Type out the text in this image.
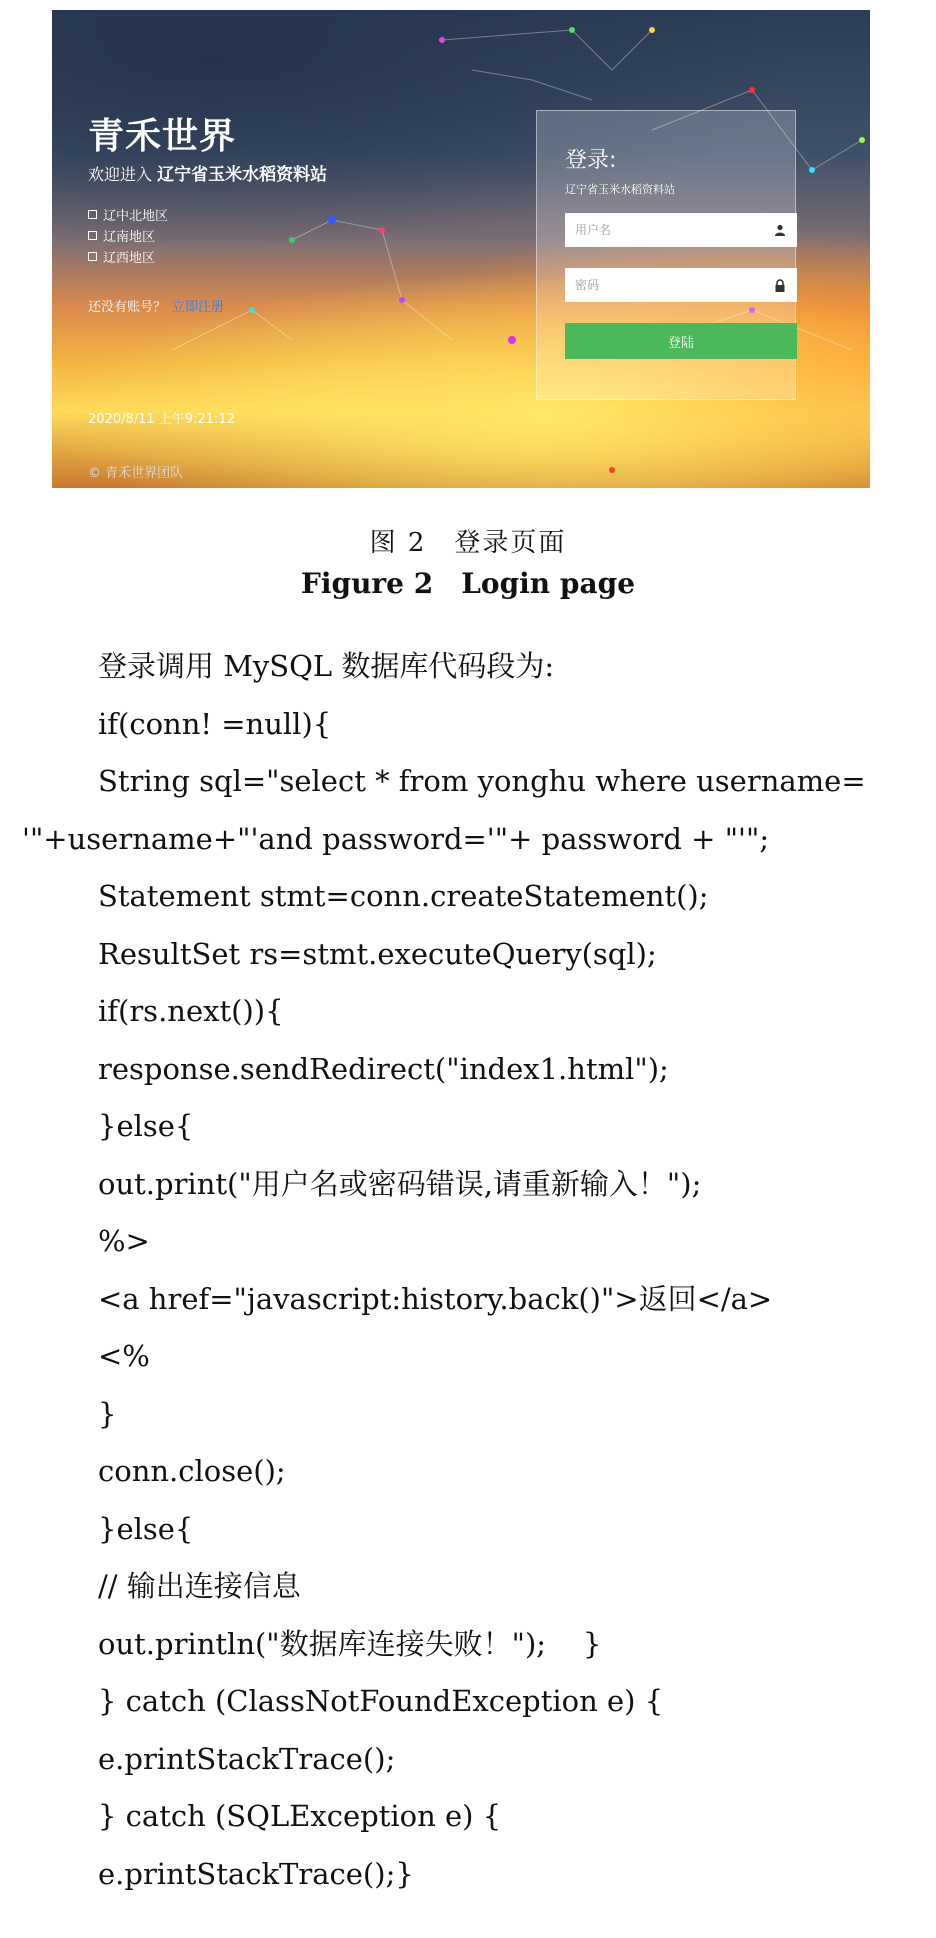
青禾世界
欢迎进入 辽宁省玉米水稻资料站
辽中北地区
辽南地区
辽西地区
还没有账号？ 立即注册
2020/8/11 上午9:21:12
© 青禾世界团队
登录:
辽宁省玉米水稻资料站
用户名
密码
登陆
图 2　登录页面
Figure 2　Login page
登录调用 MySQL 数据库代码段为:
if(conn! =null){
String sql="select * from yonghu where username=
'"+username+"'and password='"+ password + "'";
Statement stmt=conn.createStatement();
ResultSet rs=stmt.executeQuery(sql);
if(rs.next()){
response.sendRedirect("index1.html");
}else{
out.print("用户名或密码错误,请重新输入！");
%>
<a href="javascript:history.back()">返回</a>
<%
}
conn.close();
}else{
// 输出连接信息
out.println("数据库连接失败！");    }
} catch (ClassNotFoundException e) {
e.printStackTrace();
} catch (SQLException e) {
e.printStackTrace();}
